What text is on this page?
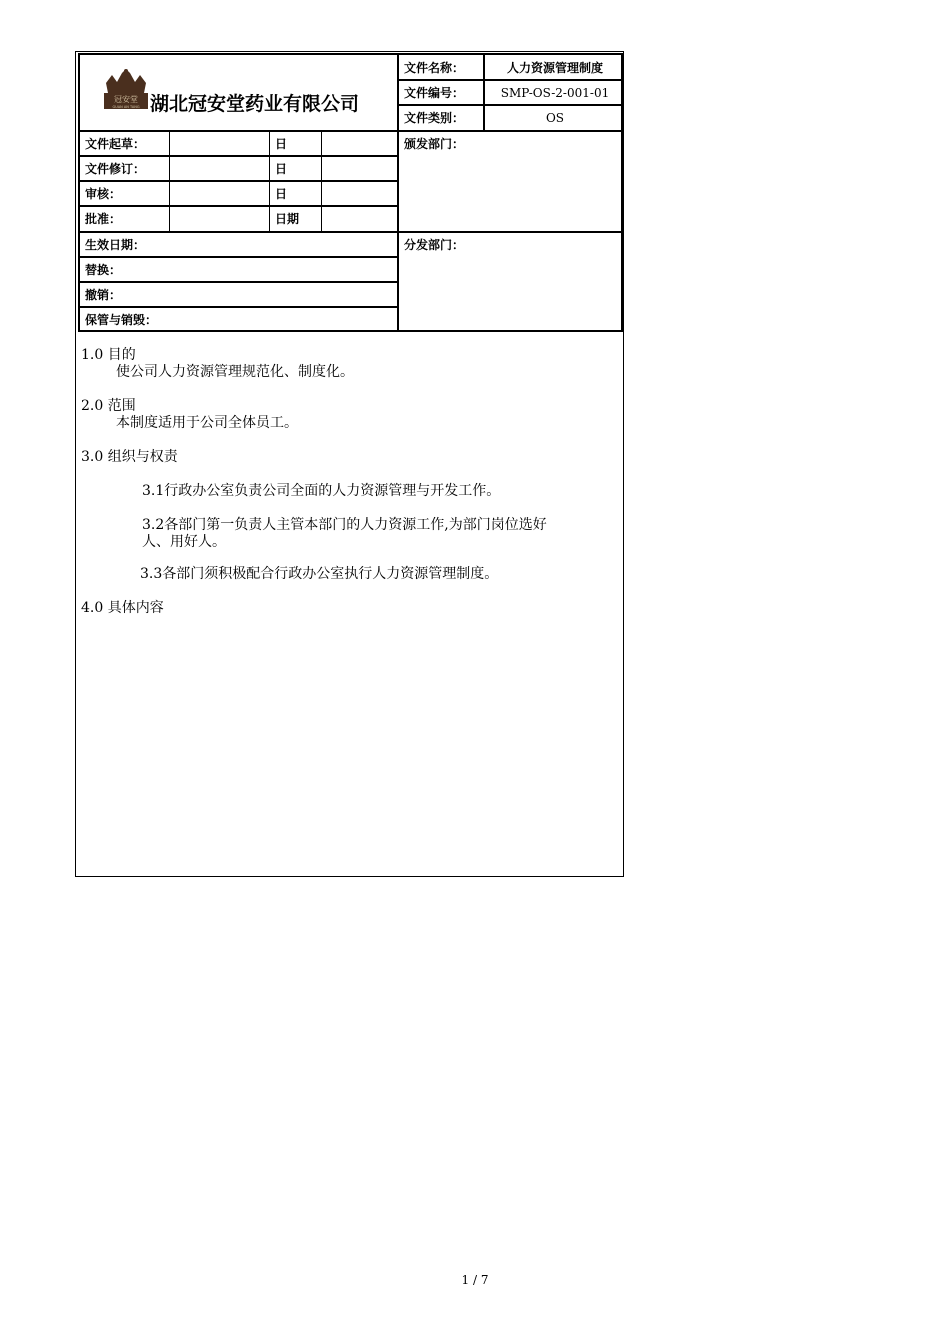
冠安堂
GUAN AN TANG 湖北冠安堂药业有限公司
文件名称：	人力资源管理制度
文件编号：	SMP-OS-2-001-01
文件类别：	OS
文件起草：	日
文件修订：	日
审核：	日
批准：	日期
颁发部门：
生效日期：
替换：
撤销：
保管与销毁：
分发部门：
1.0 目的
使公司人力资源管理规范化、制度化。
2.0 范围
本制度适用于公司全体员工。
3.0 组织与权责
3.1行政办公室负责公司全面的人力资源管理与开发工作。
3.2各部门第一负责人主管本部门的人力资源工作,为部门岗位选好
人、用好人。
3.3各部门须积极配合行政办公室执行人力资源管理制度。
4.0 具体内容
1 / 7
